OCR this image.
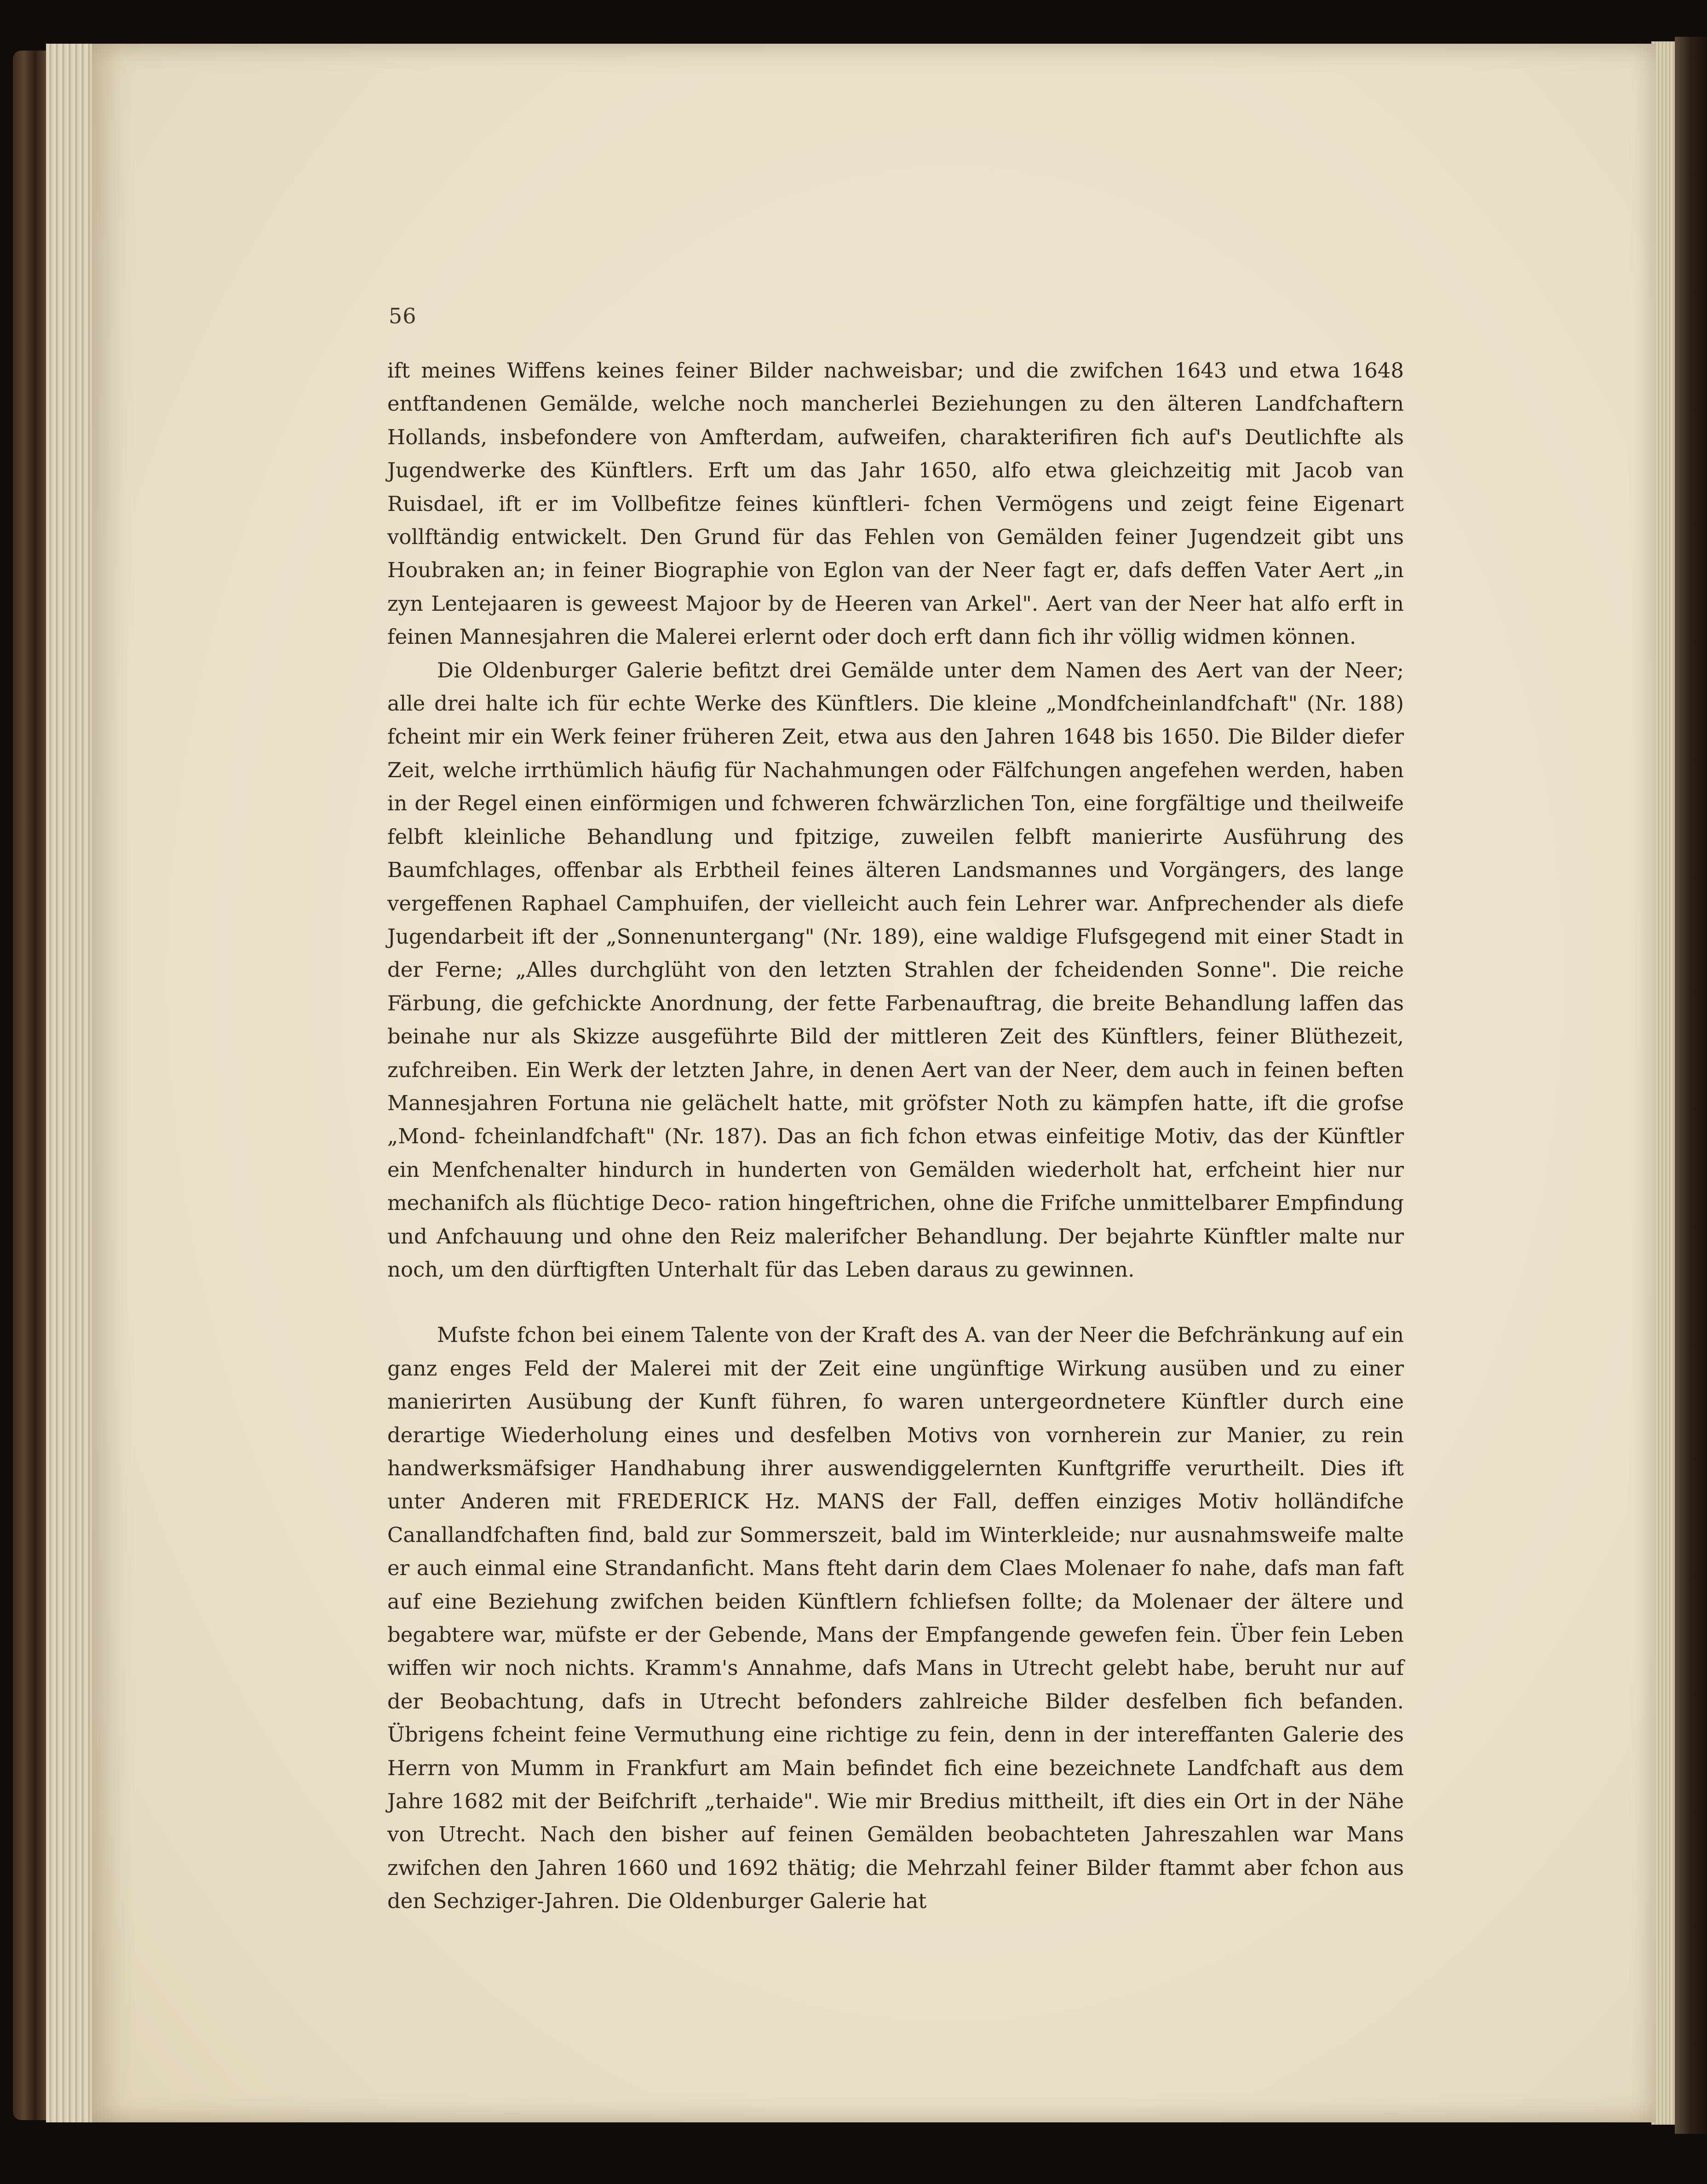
56

ift meines Wiffens keines feiner Bilder nachweisbar; und die zwifchen 1643 und etwa 1648 entftandenen Gemälde, welche noch mancherlei Beziehungen zu den älteren Landfchaftern Hollands, insbefondere von Amfterdam, aufweifen, charakterifiren fich auf's Deutlichfte als Jugendwerke des Künftlers. Erft um das Jahr 1650, alfo etwa gleichzeitig mit Jacob van Ruisdael, ift er im Vollbefitze feines künftleri- fchen Vermögens und zeigt feine Eigenart vollftändig entwickelt. Den Grund für das Fehlen von Gemälden feiner Jugendzeit gibt uns Houbraken an; in feiner Biographie von Eglon van der Neer fagt er, dafs deffen Vater Aert „in zyn Lentejaaren is geweest Majoor by de Heeren van Arkel". Aert van der Neer hat alfo erft in feinen Mannesjahren die Malerei erlernt oder doch erft dann fich ihr völlig widmen können.

Die Oldenburger Galerie befitzt drei Gemälde unter dem Namen des Aert van der Neer; alle drei halte ich für echte Werke des Künftlers. Die kleine „Mondfcheinlandfchaft" (Nr. 188) fcheint mir ein Werk feiner früheren Zeit, etwa aus den Jahren 1648 bis 1650. Die Bilder diefer Zeit, welche irrthümlich häufig für Nachahmungen oder Fälfchungen angefehen werden, haben in der Regel einen einförmigen und fchweren fchwärzlichen Ton, eine forgfältige und theilweife felbft kleinliche Behandlung und fpitzige, zuweilen felbft manierirte Ausführung des Baumfchlages, offenbar als Erbtheil feines älteren Landsmannes und Vorgängers, des lange vergeffenen Raphael Camphuifen, der vielleicht auch fein Lehrer war. Anfprechender als diefe Jugendarbeit ift der „Sonnenuntergang" (Nr. 189), eine waldige Flufsgegend mit einer Stadt in der Ferne; „Alles durchglüht von den letzten Strahlen der fcheidenden Sonne". Die reiche Färbung, die gefchickte Anordnung, der fette Farbenauftrag, die breite Behandlung laffen das beinahe nur als Skizze ausgeführte Bild der mittleren Zeit des Künftlers, feiner Blüthezeit, zufchreiben. Ein Werk der letzten Jahre, in denen Aert van der Neer, dem auch in feinen beften Mannesjahren Fortuna nie gelächelt hatte, mit gröfster Noth zu kämpfen hatte, ift die grofse „Mond- fcheinlandfchaft" (Nr. 187). Das an fich fchon etwas einfeitige Motiv, das der Künftler ein Menfchenalter hindurch in hunderten von Gemälden wiederholt hat, erfcheint hier nur mechanifch als flüchtige Deco- ration hingeftrichen, ohne die Frifche unmittelbarer Empfindung und Anfchauung und ohne den Reiz malerifcher Behandlung. Der bejahrte Künftler malte nur noch, um den dürftigften Unterhalt für das Leben daraus zu gewinnen.

Mufste fchon bei einem Talente von der Kraft des A. van der Neer die Befchränkung auf ein ganz enges Feld der Malerei mit der Zeit eine ungünftige Wirkung ausüben und zu einer manierirten Ausübung der Kunft führen, fo waren untergeordnetere Künftler durch eine derartige Wiederholung eines und desfelben Motivs von vornherein zur Manier, zu rein handwerksmäfsiger Handhabung ihrer auswendiggelernten Kunftgriffe verurtheilt. Dies ift unter Anderen mit FREDERICK Hz. MANS der Fall, deffen einziges Motiv holländifche Canallandfchaften find, bald zur Sommerszeit, bald im Winterkleide; nur ausnahmsweife malte er auch einmal eine Strandanficht. Mans fteht darin dem Claes Molenaer fo nahe, dafs man faft auf eine Beziehung zwifchen beiden Künftlern fchliefsen follte; da Molenaer der ältere und begabtere war, müfste er der Gebende, Mans der Empfangende gewefen fein. Über fein Leben wiffen wir noch nichts. Kramm's Annahme, dafs Mans in Utrecht gelebt habe, beruht nur auf der Beobachtung, dafs in Utrecht befonders zahlreiche Bilder desfelben fich befanden. Übrigens fcheint feine Vermuthung eine richtige zu fein, denn in der intereffanten Galerie des Herrn von Mumm in Frankfurt am Main befindet fich eine bezeichnete Landfchaft aus dem Jahre 1682 mit der Beifchrift „terhaide". Wie mir Bredius mittheilt, ift dies ein Ort in der Nähe von Utrecht. Nach den bisher auf feinen Gemälden beobachteten Jahreszahlen war Mans zwifchen den Jahren 1660 und 1692 thätig; die Mehrzahl feiner Bilder ftammt aber fchon aus den Sechziger-Jahren. Die Oldenburger Galerie hat
